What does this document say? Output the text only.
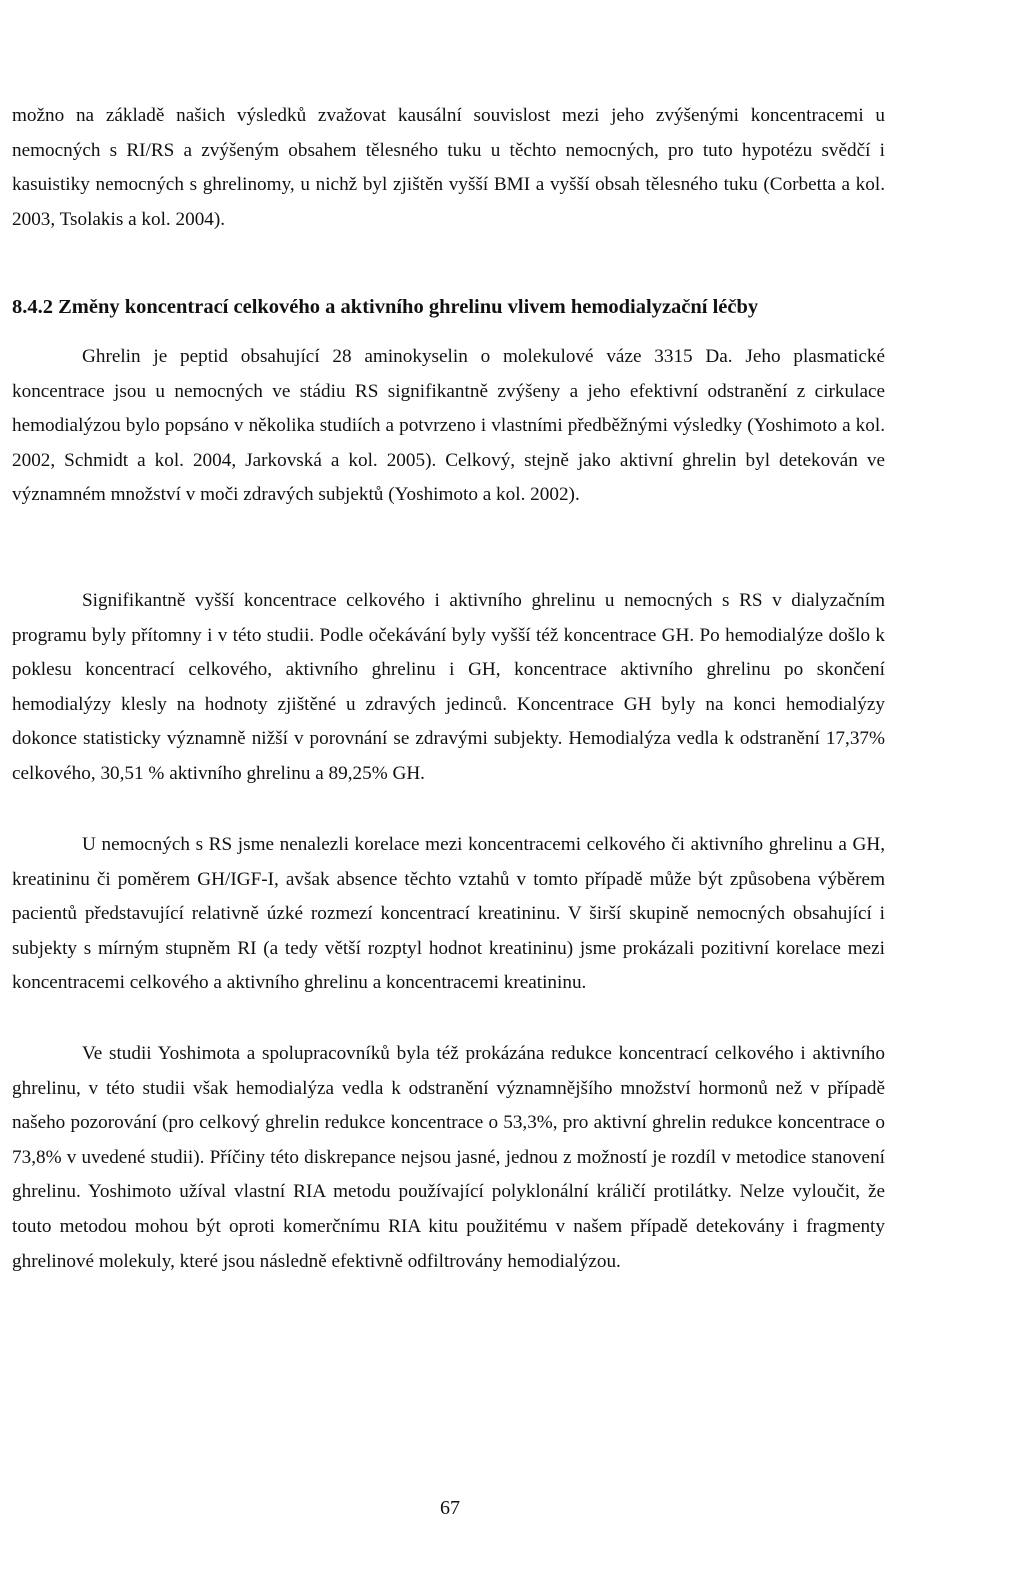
možno na základě našich výsledků zvažovat kausální souvislost mezi jeho zvýšenými koncentracemi u nemocných s RI/RS a zvýšeným obsahem tělesného tuku u těchto nemocných, pro tuto hypotézu svědčí i kasuistiky nemocných s ghrelinomy, u nichž byl zjištěn vyšší BMI a vyšší obsah tělesného tuku (Corbetta a kol. 2003, Tsolakis a kol. 2004).

8.4.2 Změny koncentrací celkového a aktivního ghrelinu vlivem hemodialyzační léčby

Ghrelin je peptid obsahující 28 aminokyselin o molekulové váze 3315 Da. Jeho plasmatické koncentrace jsou u nemocných ve stádiu RS signifikantně zvýšeny a jeho efektivní odstranění z cirkulace hemodialýzou bylo popsáno v několika studiích a potvrzeno i vlastními předběžnými výsledky (Yoshimoto a kol. 2002, Schmidt a kol. 2004, Jarkovská a kol. 2005). Celkový, stejně jako aktivní ghrelin byl detekován ve významném množství v moči zdravých subjektů (Yoshimoto a kol. 2002).

Signifikantně vyšší koncentrace celkového i aktivního ghrelinu u nemocných s RS v dialyzačním programu byly přítomny i v této studii. Podle očekávání byly vyšší též koncentrace GH. Po hemodialýze došlo k poklesu koncentrací celkového, aktivního ghrelinu i GH, koncentrace aktivního ghrelinu po skončení hemodialýzy klesly na hodnoty zjištěné u zdravých jedinců. Koncentrace GH byly na konci hemodialýzy dokonce statisticky významně nižší v porovnání se zdravými subjekty. Hemodialýza vedla k odstranění 17,37% celkového, 30,51 % aktivního ghrelinu a 89,25% GH.

U nemocných s RS jsme nenalezli korelace mezi koncentracemi celkového či aktivního ghrelinu a GH, kreatininu či poměrem GH/IGF-I, avšak absence těchto vztahů v tomto případě může být způsobena výběrem pacientů představující relativně úzké rozmezí koncentrací kreatininu. V širší skupině nemocných obsahující i subjekty s mírným stupněm RI (a tedy větší rozptyl hodnot kreatininu) jsme prokázali pozitivní korelace mezi koncentracemi celkového a aktivního ghrelinu a koncentracemi kreatininu.

Ve studii Yoshimota a spolupracovníků byla též prokázána redukce koncentrací celkového i aktivního ghrelinu, v této studii však hemodialýza vedla k odstranění významnějšího množství hormonů než v případě našeho pozorování (pro celkový ghrelin redukce koncentrace o 53,3%, pro aktivní ghrelin redukce koncentrace o 73,8% v uvedené studii). Příčiny této diskrepance nejsou jasné, jednou z možností je rozdíl v metodice stanovení ghrelinu. Yoshimoto užíval vlastní RIA metodu používající polyklonální králičí protilátky. Nelze vyloučit, že touto metodou mohou být oproti komerčnímu RIA kitu použitému v našem případě detekovány i fragmenty ghrelinové molekuly, které jsou následně efektivně odfiltrovány hemodialýzou.

67
